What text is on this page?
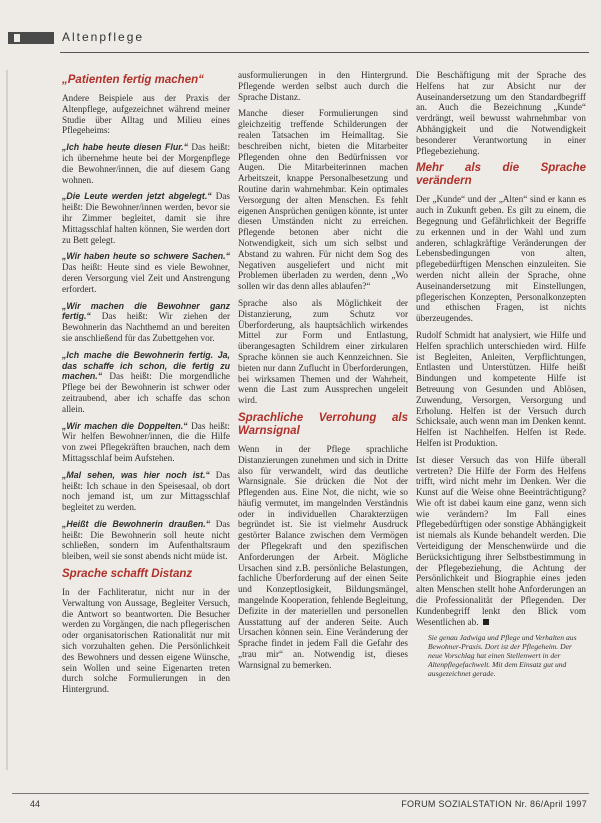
Altenpflege
„Patienten fertig machen“

Andere Beispiele aus der Praxis der Altenpflege, aufgezeichnet während meiner Studie über Alltag und Milieu eines Pflegeheims:

„Ich habe heute diesen Flur.“ Das heißt: ich übernehme heute bei der Morgenpflege die Bewohner/innen, die auf diesem Gang wohnen.

„Die Leute werden jetzt abgelegt.“ Das heißt: Die Bewohner/innen werden, bevor sie ihr Zimmer begleitet, damit sie ihre Mittagsschlaf halten können, Sie werden dort zu Bett gelegt.

„Wir haben heute so schwere Sachen.“ Das heißt: Heute sind es viele Bewohner, deren Versorgung viel Zeit und Anstrengung erfordert.

„Wir machen die Bewohner ganz fertig.“ Das heißt: Wir ziehen der Bewohnerin das Nachthemd an und bereiten sie anschließend für das Zubettgehen vor.

„Ich mache die Bewohnerin fertig. Ja, das schaffe ich schon, die fertig zu machen.“ Das heißt: Die morgendliche Pflege bei der Bewohnerin ist schwer oder zeitraubend, aber ich schaffe das schon allein.

„Wir machen die Doppelten.“ Das heißt: Wir helfen Bewohner/innen, die die Hilfe von zwei Pflegekräften brauchen, nach dem Mittagsschlaf beim Aufstehen.

„Mal sehen, was hier noch ist.“ Das heißt: Ich schaue in den Speisesaal, ob dort noch jemand ist, um zur Mittagsschlaf begleitet zu werden.

„Heißt die Bewohnerin draußen.“ Das heißt: Die Bewohnerin soll heute nicht schließen, sondern im Aufenthaltsraum bleiben, weil sie sonst abends nicht müde ist.

Sprache schafft Distanz

In der Fachliteratur, nicht nur in der Verwaltung von Aussage, Begleiter Versuch, die Antwort so beantworten. Die Besucher werden zu Vorgängen, die nach pflegerischen oder organisatorischen Rationalität nur mit sich vorzuhalten gehen. Die Persönlichkeit des Bewohners und dessen eigene Wünsche, sein Wollen und seine Eigenarten treten durch solche Formulierungen in den Hintergrund.

ausformulierungen in den Hintergrund. Pflegende werden selbst auch durch die Sprache Distanz.

Manche dieser Formulierungen sind gleichzeitig treffende Schilderungen der realen Tatsachen im Heimalltag. Sie beschreiben nicht, bieten die Mitarbeiter Pflegenden ohne den Bedürfnissen vor Augen. Die Mitarbeiterinnen machen Arbeitszeit, knappe Personalbesetzung und Routine darin wahrnehmbar. Kein optimales Versorgung der alten Menschen. Es fehlt eigenen Ansprüchen genügen könnte, ist unter diesen Umständen nicht zu erreichen. Pflegende betonen aber nicht die Notwendigkeit, sich um sich selbst und Abstand zu wahren. Für nicht dem Sog des Negativen ausgeliefert und nicht mit Problemen überladen zu werden, denn „Wo sollen wir das denn alles ablaufen?“

Sprache also als Möglichkeit der Distanzierung, zum Schutz vor Überforderung, als hauptsächlich wirkendes Mittel zur Form und Entlastung, überangesagten Schildrem einer zirkularen Sprache können sie auch Kennzeichnen. Sie bieten nur dann Zuflucht in Überforderungen, bei wirksamen Themen und der Wahrheit, wenn die Last zum Aussprechen ungeleit wird.

Sprachliche Verrohung als Warnsignal

Wenn in der Pflege sprachliche Distanzierungen zunehmen und sich in Dritte also für verwandelt, wird das deutliche Warnsignale. Sie drücken die Not der Pflegenden aus. Eine Not, die nicht, wie so häufig vermutet, im mangelnden Verständnis oder in individuellen Charakterzügen begründet ist. Sie ist vielmehr Ausdruck gestörter Balance zwischen dem Vermögen der Pflegekraft und den spezifischen Anforderungen der Arbeit. Mögliche Ursachen sind z.B. persönliche Belastungen, fachliche Überforderung auf der einen Seite und Konzeptlosigkeit, Bildungsmängel, mangelnde Kooperation, fehlende Begleitung, Defizite in der materiellen und personellen Ausstattung auf der anderen Seite. Auch Ursachen können sein. Eine Veränderung der Sprache findet in jedem Fall die Gefahr des „trau mir“ an. Notwendig ist, dieses Warnsignal zu bemerken.

Die Beschäftigung mit der Sprache des Helfens hat zur Absicht nur der Auseinandersetzung um den Standardbegriff an. Auch die Bezeichnung „Kunde“ verdrängt, weil bewusst wahrnehmbar von Abhängigkeit und die Notwendigkeit besonderer Verantwortung in einer Pflegebeziehung.

Mehr als die Sprache verändern

Der „Kunde“ und der „Alten“ sind er kann es auch in Zukunft geben. Es gilt zu einem, die Begegnung und Gefährlichkeit der Begriffe zu erkennen und in der Wahl und zum anderen, schlagkräftige Veränderungen der Lebensbedingungen von alten, pflegebedürftigen Menschen einzuleiten. Sie werden nicht allein der Sprache, ohne Auseinandersetzung mit Einstellungen, pflegerischen Konzepten, Personalkonzepten und ethischen Fragen, ist nichts überzeugendes.

Rudolf Schmidt hat analysiert, wie Hilfe und Helfen sprachlich unterschieden wird. Hilfe ist Begleiten, Anleiten, Verpflichtungen, Entlasten und Unterstützen. Hilfe heißt Bindungen und kompetente Hilfe ist Betreuung von Gesunden und Ablösen, Zuwendung, Versorgen, Versorgung und Erholung. Helfen ist der Versuch durch Schicksale, auch wenn man im Denken kennt. Helfen ist Nachhelfen. Helfen ist Rede. Helfen ist Produktion.

Ist dieser Versuch das von Hilfe überall vertreten? Die Hilfe der Form des Helfens trifft, wird nicht mehr im Denken. Wer die Kunst auf die Weise ohne Beeinträchtigung? Wie oft ist dabei kaum eine ganz, wenn sich wie verändern? Im Fall eines Pflegebedürftigen oder sonstige Abhängigkeit ist niemals als Kunde behandelt werden. Die Verteidigung der Menschenwürde und die Berücksichtigung ihrer Selbstbestimmung in der Pflegebeziehung, die Achtung der Persönlichkeit und Biographie eines jeden alten Menschen stellt hohe Anforderungen an die Professionalität der Pflegenden. Der Kundenbegriff lenkt den Blick vom Wesentlichen ab.

Sie genau Jadwiga und Pflege und Verhalten aus Bewohner-Praxis. Dort ist der Pflegeheim. Der neue Vorschlag hat einen Stellenwert in der Altenpflegefachwelt. Mit dem Einsatz gut und ausgezeichnet gerade.
44	FORUM SOZIALSTATION Nr. 86/April 1997
